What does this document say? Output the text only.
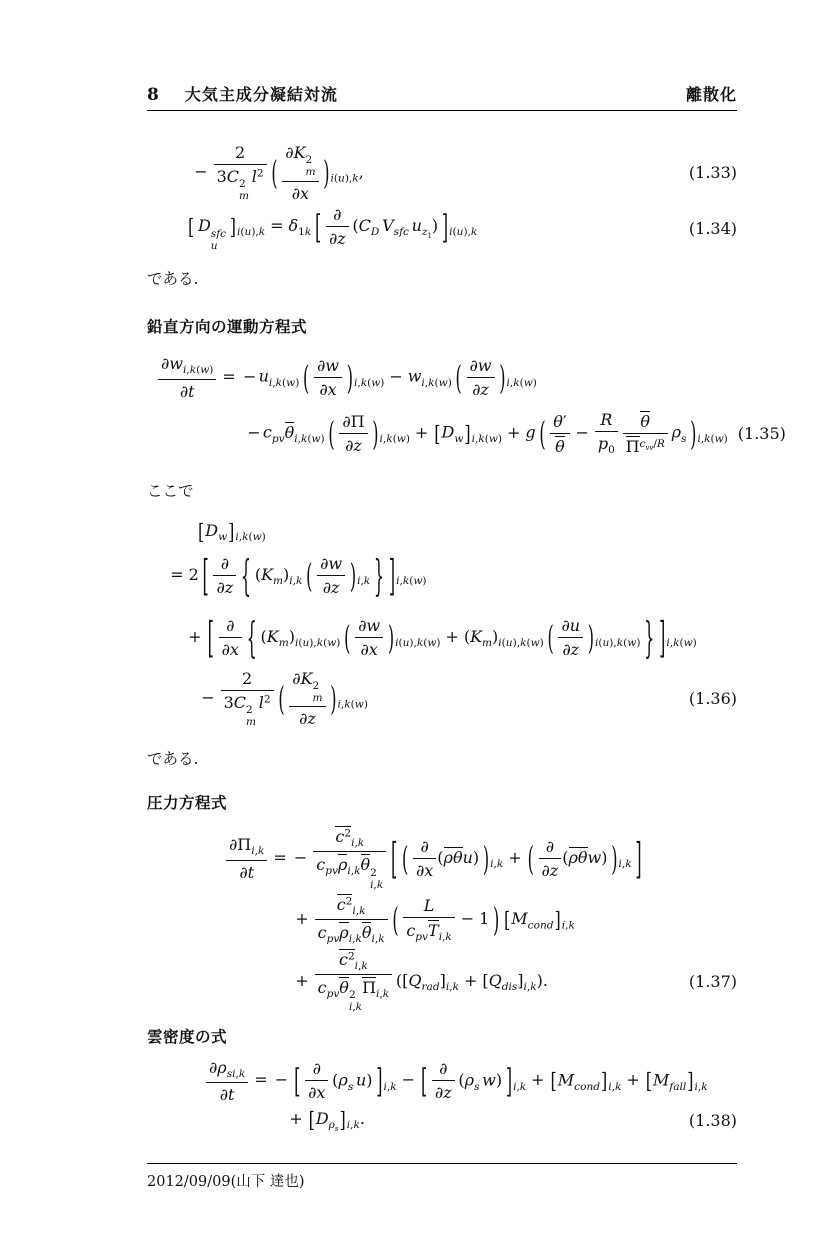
8 大気主成分凝結対流	離散化
− 2
3C 2
m
$l^2$ ( ∂K 2
m
∂x )$_{i(u),k}$,	(1.33)
[ D sfc
u
]$_{i(u),k} = \delta_{1k}$ [ ∂
∂z
($C_D$ $V_{sfc}$ $u_{z_1}$) ]$_{i(u),k}$	(1.34)
である.
鉛直方向の運動方程式
$\frac{\partial w_{i,k(w)}}{\partial t}$ = − $u_{i,k(w)}$ ( $\frac{\partial w}{\partial x} )_{i,k(w)} - w_{i,k(w)}$ ( $\frac{\partial w}{\partial z} )_{i,k(w)}$
− $c_{pv}\theta_{i,k(w)}$ ( $\frac{\partial\Pi}{\partial z} )_{i,k(w)} + [D_w]_{i,k(w)} + g$ ( $\frac{\theta'}{\theta} - \frac{R}{p_0}$	θ
$\Pi^{c_{vv}/R}$
$\rho_s$ )$_{i,k(w)}$ (1.35)
ここで
$[D_w]_{i,k(w)}$
= 2 [ ∂
∂z { $(K_m)_{i,k}$ ( $\frac{\partial w}{\partial z} )_{i,k}$ } ]$_{i,k(w)}$
+ [ ∂
∂x { $(K_m)_{i(u),k(w)}$ ( $\frac{\partial w}{\partial x} )_{i(u),k(w)} + (K_m)_{i(u),k(w)}$ ( $\frac{\partial u}{\partial z} )_{i(u),k(w)}$ } ]$_{i,k(w)}$
− 2
3C 2
m
$l^2$ ( ∂K 2
m
∂z )$_{i,k(w)}$	(1.36)
である.
圧力方程式
$\frac{\partial\Pi_{i,k}}{\partial t}$ = −
$c^2_{i,k}$
$c_{pv}\rho_{i,k}\theta$ 2
i,k
[ ( ∂
∂x
(ρθu) )$_{i,k}$ + ( ∂
∂z
(ρθw) )$_{i,k}$ ]
+
$c^2_{i,k}$
$c_{pv}\rho_{i,k}\theta_{i,k}$
(	L
$c_{pv}T_{i,k}$
− 1 ) $[M_{cond}]_{i,k}$
+
$c^2_{i,k}$
$c_{pv}\theta$ 2
i,k
$\Pi_{i,k}$
$([Q_{rad}]_{i,k} + [Q_{dis}]_{i,k})$.	(1.37)
雲密度の式
$\partial\rho_{si,k}$
∂t
= − [ ∂
∂x
($\rho_s$ u) ]$_{i,k}$ − [ ∂
∂z
($\rho_s$ w) ]$_{i,k} + [M_{cond}]_{i,k} + [M_{fall}]_{i,k}$
+ $[D_{\rho_s}]_{i,k}$.	(1.38)
2012/09/09(山下 達也)
